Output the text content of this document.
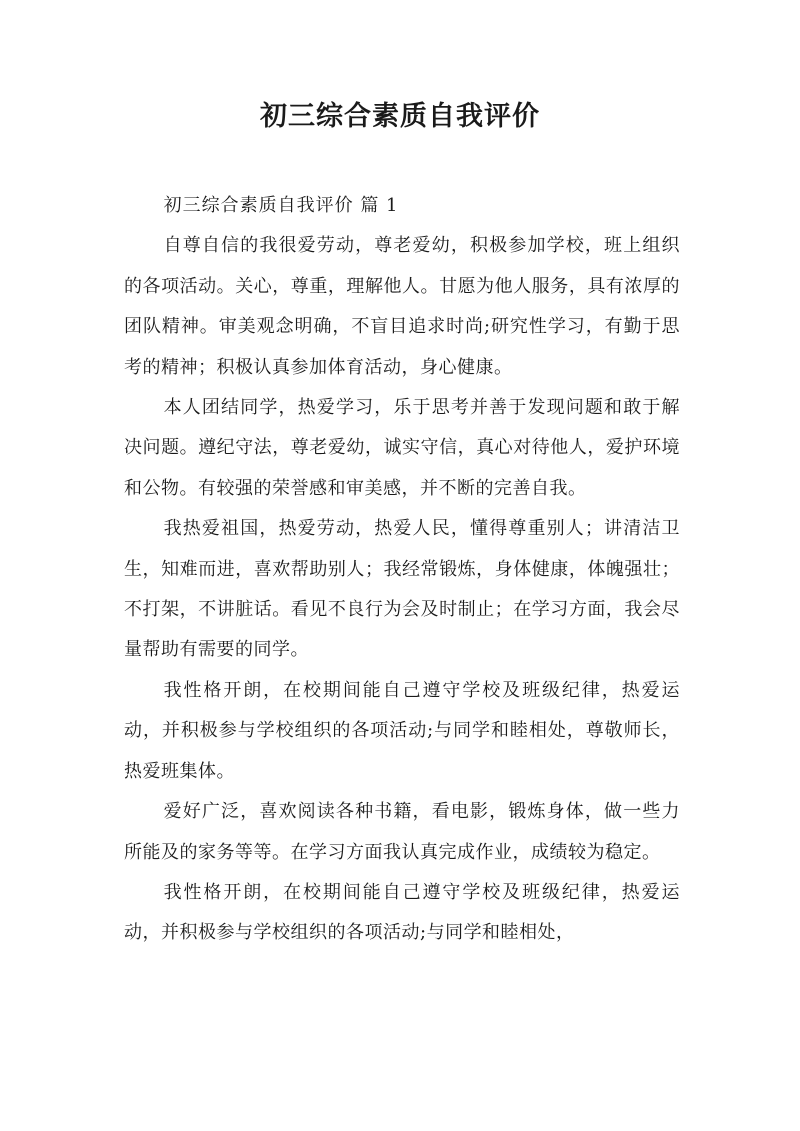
初三综合素质自我评价

初三综合素质自我评价 篇 1

自尊自信的我很爱劳动，尊老爱幼，积极参加学校，班上组织的各项活动。关心，尊重，理解他人。甘愿为他人服务，具有浓厚的团队精神。审美观念明确，不盲目追求时尚;研究性学习，有勤于思考的精神；积极认真参加体育活动，身心健康。

本人团结同学，热爱学习，乐于思考并善于发现问题和敢于解决问题。遵纪守法，尊老爱幼，诚实守信，真心对待他人，爱护环境和公物。有较强的荣誉感和审美感，并不断的完善自我。

我热爱祖国，热爱劳动，热爱人民，懂得尊重别人；讲清洁卫生，知难而进，喜欢帮助别人；我经常锻炼，身体健康，体魄强壮；不打架，不讲脏话。看见不良行为会及时制止；在学习方面，我会尽量帮助有需要的同学。

我性格开朗，在校期间能自己遵守学校及班级纪律，热爱运动，并积极参与学校组织的各项活动;与同学和睦相处，尊敬师长，热爱班集体。

爱好广泛，喜欢阅读各种书籍，看电影，锻炼身体，做一些力所能及的家务等等。在学习方面我认真完成作业，成绩较为稳定。

我性格开朗，在校期间能自己遵守学校及班级纪律，热爱运动，并积极参与学校组织的各项活动;与同学和睦相处，
